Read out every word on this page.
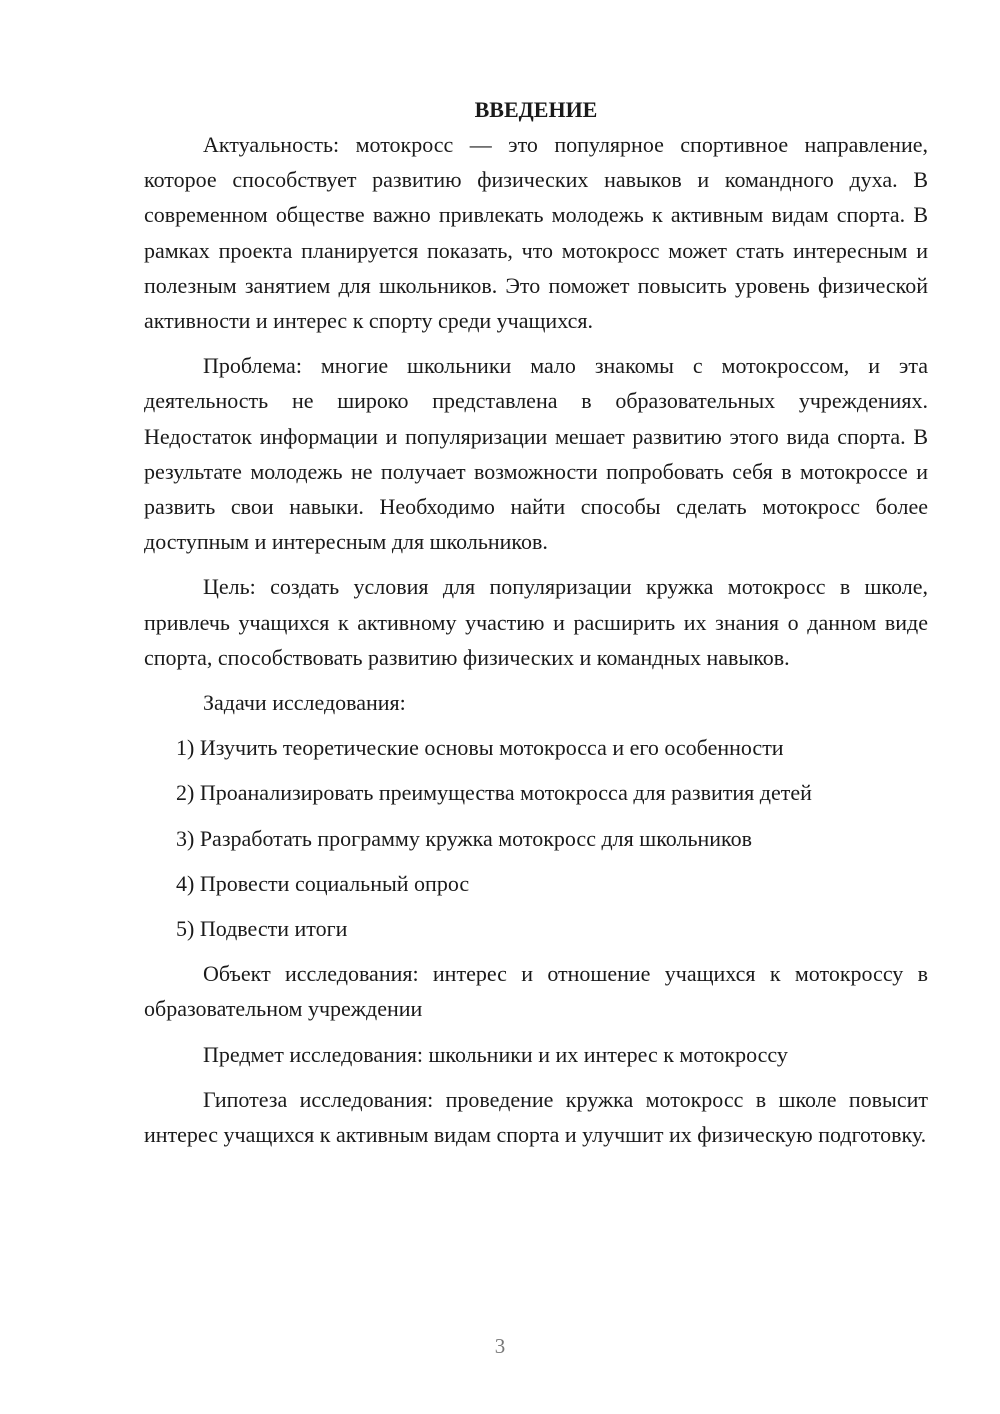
ВВЕДЕНИЕ

Актуальность: мотокросс — это популярное спортивное направление, которое способствует развитию физических навыков и командного духа. В современном обществе важно привлекать молодежь к активным видам спорта. В рамках проекта планируется показать, что мотокросс может стать интересным и полезным занятием для школьников. Это поможет повысить уровень физической активности и интерес к спорту среди учащихся.

Проблема: многие школьники мало знакомы с мотокроссом, и эта деятельность не широко представлена в образовательных учреждениях. Недостаток информации и популяризации мешает развитию этого вида спорта. В результате молодежь не получает возможности попробовать себя в мотокроссе и развить свои навыки. Необходимо найти способы сделать мотокросс более доступным и интересным для школьников.

Цель: создать условия для популяризации кружка мотокросс в школе, привлечь учащихся к активному участию и расширить их знания о данном виде спорта, способствовать развитию физических и командных навыков.

Задачи исследования:

1) Изучить теоретические основы мотокросса и его особенности
2) Проанализировать преимущества мотокросса для развития детей
3) Разработать программу кружка мотокросс для школьников
4) Провести социальный опрос
5) Подвести итоги

Объект исследования: интерес и отношение учащихся к мотокроссу в образовательном учреждении

Предмет исследования: школьники и их интерес к мотокроссу

Гипотеза исследования: проведение кружка мотокросс в школе повысит интерес учащихся к активным видам спорта и улучшит их физическую подготовку.

3
